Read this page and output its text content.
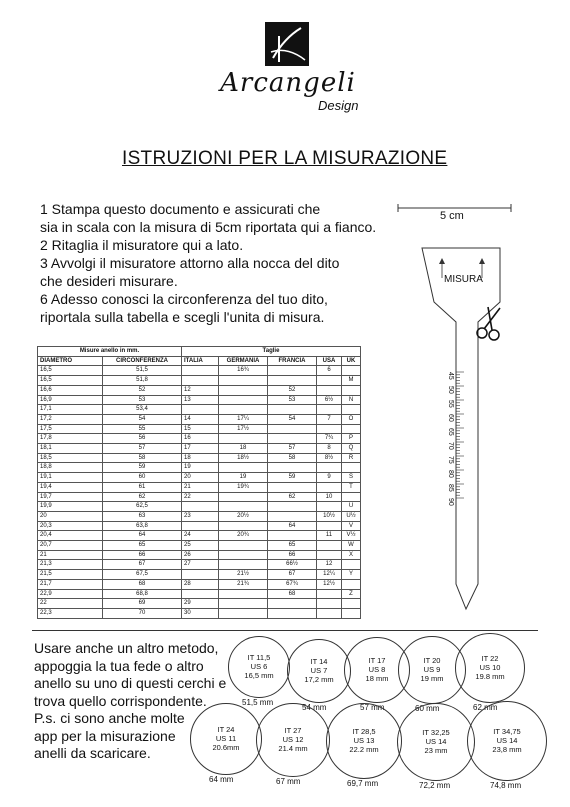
Arcangeli
Design
ISTRUZIONI PER LA MISURAZIONE
1 Stampa questo documento e assicurati che
sia in scala con la misura di 5cm riportata qui a fianco.
2 Ritaglia il misuratore qui a lato.
3 Avvolgi il misuratore attorno alla nocca del dito
che desideri misurare.
6 Adesso conosci la circonferenza del tuo dito,
riportala sulla tabella e scegli l'unita di misura.
5 cm
MISURA
45
50
55
60
65
70
75
80
85
90
Misure anello in mm.		Taglie				
DIAMETRO	CIRCONFERENZA	ITALIA	GERMANIA	FRANCIA	USA	UK
16,5	51,5		16¾		6	
16,5	51,8					M
16,6	52	12		52		
16,9	53	13		53	6½	N
17,1	53,4					
17,2	54	14	17¼	54	7	O
17,5	55	15	17½			
17,8	56	16			7¾	P
18,1	57	17	18	57	8	Q
18,5	58	18	18½	58	8½	R
18,8	59	19				
19,1	60	20	19	59	9	S
19,4	61	21	19¾			T
19,7	62	22		62	10	
19,9	62,5					U
20	63	23	20½		10½	U½
20,3	63,8			64		V
20,4	64	24	20¾		11	V½
20,7	65	25		65		W
21	66	26		66		X
21,3	67	27		66½	12	
21,5	67,5		21½	67	12¼	Y
21,7	68	28	21¾	67¾	12½	
22,9	68,8			68		Z
22	69	29				
22,3	70	30				
Usare anche un altro metodo,
appoggia la tua fede o altro
anello su uno di questi cerchi e
trova quello corrispondente.
P.s. ci sono anche molte
app per la misurazione
anelli da scaricare.
IT 11,5
US 6
16,5 mm
51,5 mm
IT 14
US 7
17,2 mm
54 mm
IT 17
US 8
18 mm
57 mm
IT 20
US 9
19 mm
60 mm
IT 22
US 10
19.8 mm
62 mm
IT 24
US 11
20.6mm
64 mm
IT 27
US 12
21.4 mm
67 mm
IT 28,5
US 13
22.2 mm
69,7 mm
IT 32,25
US 14
23 mm
72,2 mm
IT 34,75
US 14
23,8 mm
74,8 mm
